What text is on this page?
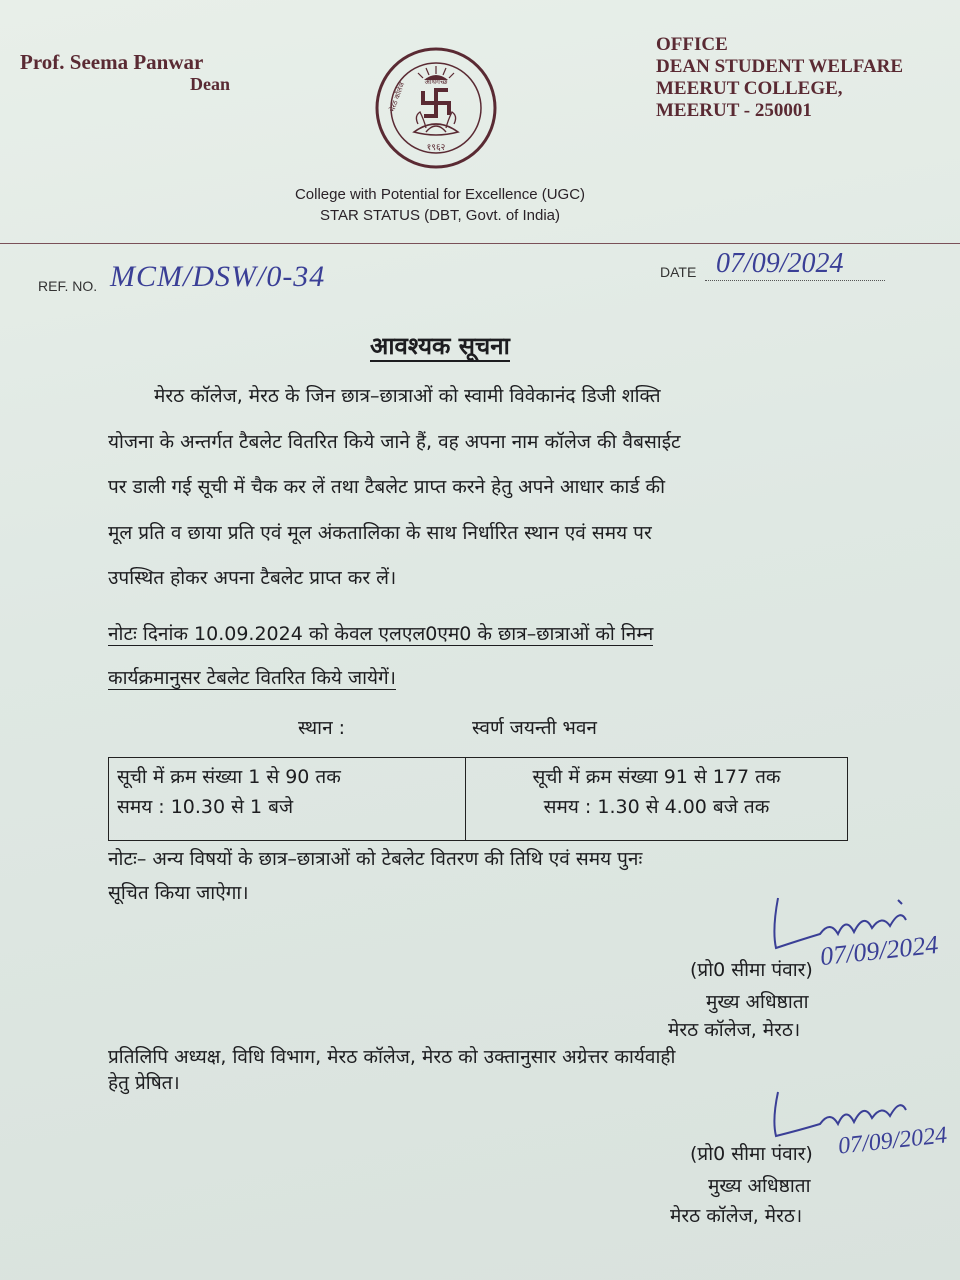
Prof. Seema Panwar
Dean
१९६२
अधिगच्छ
मेरठ कॉलेज
OFFICE
DEAN STUDENT WELFARE
MEERUT COLLEGE,
MEERUT - 250001
College with Potential for Excellence (UGC)
STAR STATUS (DBT, Govt. of India)
REF. NO. MCM/DSW/0-34	DATE 07/09/2024
आवश्यक सूचना
मेरठ कॉलेज, मेरठ के जिन छात्र–छात्राओं को स्वामी विवेकानंद डिजी शक्ति
योजना के अन्तर्गत टैबलेट वितरित किये जाने हैं, वह अपना नाम कॉलेज की वैबसाईट
पर डाली गई सूची में चैक कर लें तथा टैबलेट प्राप्त करने हेतु अपने आधार कार्ड की
मूल प्रति व छाया प्रति एवं मूल अंकतालिका के साथ निर्धारित स्थान एवं समय पर
उपस्थित होकर अपना टैबलेट प्राप्त कर लें।
नोटः दिनांक 10.09.2024 को केवल एलएल0एम0 के छात्र–छात्राओं को निम्न
कार्यक्रमानुसर टेबलेट वितरित किये जायेगें।
स्थान :	स्वर्ण जयन्ती भवन
सूची में क्रम संख्या 1 से 90 तक
समय : 10.30 से 1 बजे

सूची में क्रम संख्या 91 से 177 तक
समय : 1.30 से 4.00 बजे तक
नोटः– अन्य विषयों के छात्र–छात्राओं को टेबलेट वितरण की तिथि एवं समय पुनः
सूचित किया जाऐगा।
(प्रो0 सीमा पंवार) 07/09/2024
मुख्य अधिष्ठाता
मेरठ कॉलेज, मेरठ।
प्रतिलिपि अध्यक्ष, विधि विभाग, मेरठ कॉलेज, मेरठ को उक्तानुसार अग्रेत्तर कार्यवाही
हेतु प्रेषित।
(प्रो0 सीमा पंवार) 07/09/2024
मुख्य अधिष्ठाता
मेरठ कॉलेज, मेरठ।
